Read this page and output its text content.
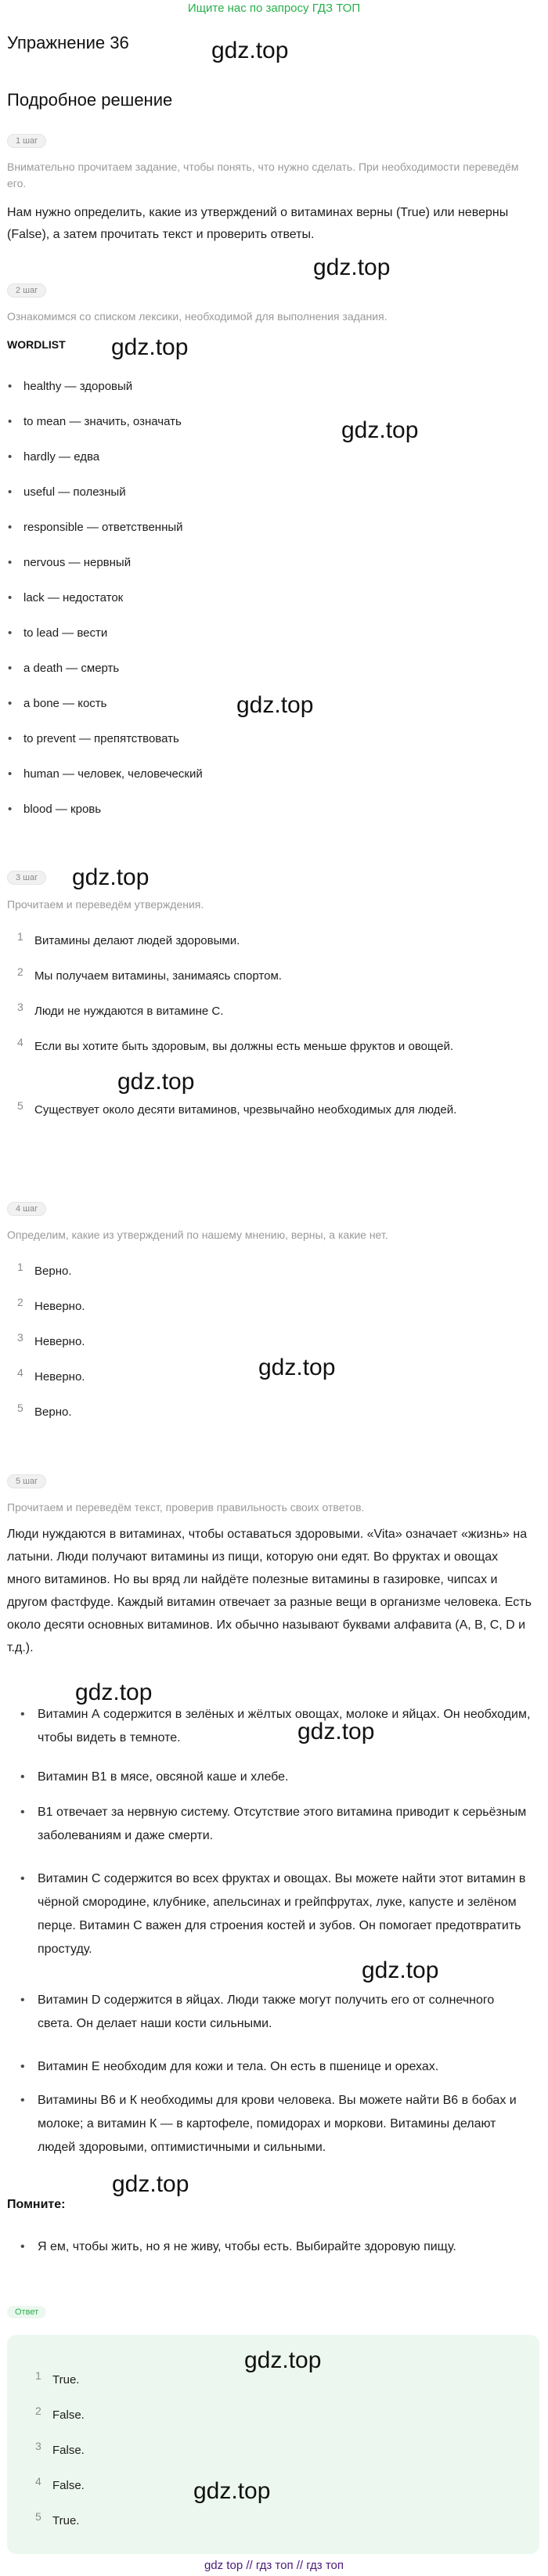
Ищите нас по запросу ГДЗ ТОП
Упражнение 36	gdz.top
Подробное решение
1 шаг
Внимательно прочитаем задание, чтобы понять, что нужно сделать. При необходимости переведём его.
Нам нужно определить, какие из утверждений о витаминах верны (True) или неверны (False), а затем прочитать текст и проверить ответы.
gdz.top
2 шаг
Ознакомимся со списком лексики, необходимой для выполнения задания.
WORDLIST gdz.top
gdz.top
gdz.top
• healthy — здоровый
• to mean — значить, означать
• hardly — едва
• useful — полезный
• responsible — ответственный
• nervous — нервный
• lack — недостаток
• to lead — вести
• a death — смерть
• a bone — кость
• to prevent — препятствовать
• human — человек, человеческий
• blood — кровь
3 шаг	gdz.top
Прочитаем и переведём утверждения.
1 Витамины делают людей здоровыми.
2 Мы получаем витамины, занимаясь спортом.
3 Люди не нуждаются в витамине С.
4 Если вы хотите быть здоровым, вы должны есть меньше фруктов и овощей.
gdz.top
5 Существует около десяти витаминов, чрезвычайно необходимых для людей.
4 шаг
Определим, какие из утверждений по нашему мнению, верны, а какие нет.
1 Верно.
2 Неверно.
3 Неверно.
gdz.top
4 Неверно.
5 Верно.
5 шаг
Прочитаем и переведём текст, проверив правильность своих ответов.
Люди нуждаются в витаминах, чтобы оставаться здоровыми. «Vita» означает «жизнь» на латыни. Люди получают витамины из пищи, которую они едят. Во фруктах и овощах много витаминов. Но вы вряд ли найдёте полезные витамины в газировке, чипсах и другом фастфуде. Каждый витамин отвечает за разные вещи в организме человека. Есть около десяти основных витаминов. Их обычно называют буквами алфавита (A, B, C, D и т.д.).
gdz.top
gdz.top
• Витамин А содержится в зелёных и жёлтых овощах, молоке и яйцах. Он необходим, чтобы видеть в темноте.
• Витамин В1 в мясе, овсяной каше и хлебе.
• В1 отвечает за нервную систему. Отсутствие этого витамина приводит к серьёзным заболеваниям и даже смерти.
• Витамин С содержится во всех фруктах и овощах. Вы можете найти этот витамин в чёрной смородине, клубнике, апельсинах и грейпфрутах, луке, капусте и зелёном перце. Витамин С важен для строения костей и зубов. Он помогает предотвратить простуду.
gdz.top
• Витамин D содержится в яйцах. Люди также могут получить его от солнечного света. Он делает наши кости сильными.
• Витамин Е необходим для кожи и тела. Он есть в пшенице и орехах.
• Витамины В6 и К необходимы для крови человека. Вы можете найти В6 в бобах и молоке; а витамин К — в картофеле, помидорах и моркови. Витамины делают людей здоровыми, оптимистичными и сильными.
gdz.top
Помните:
• Я ем, чтобы жить, но я не живу, чтобы есть. Выбирайте здоровую пищу.
Ответ
gdz.top
1 True.
2 False.
3 False.
4 False.	gdz.top
5 True.
gdz top // гдз топ // гдз топ
